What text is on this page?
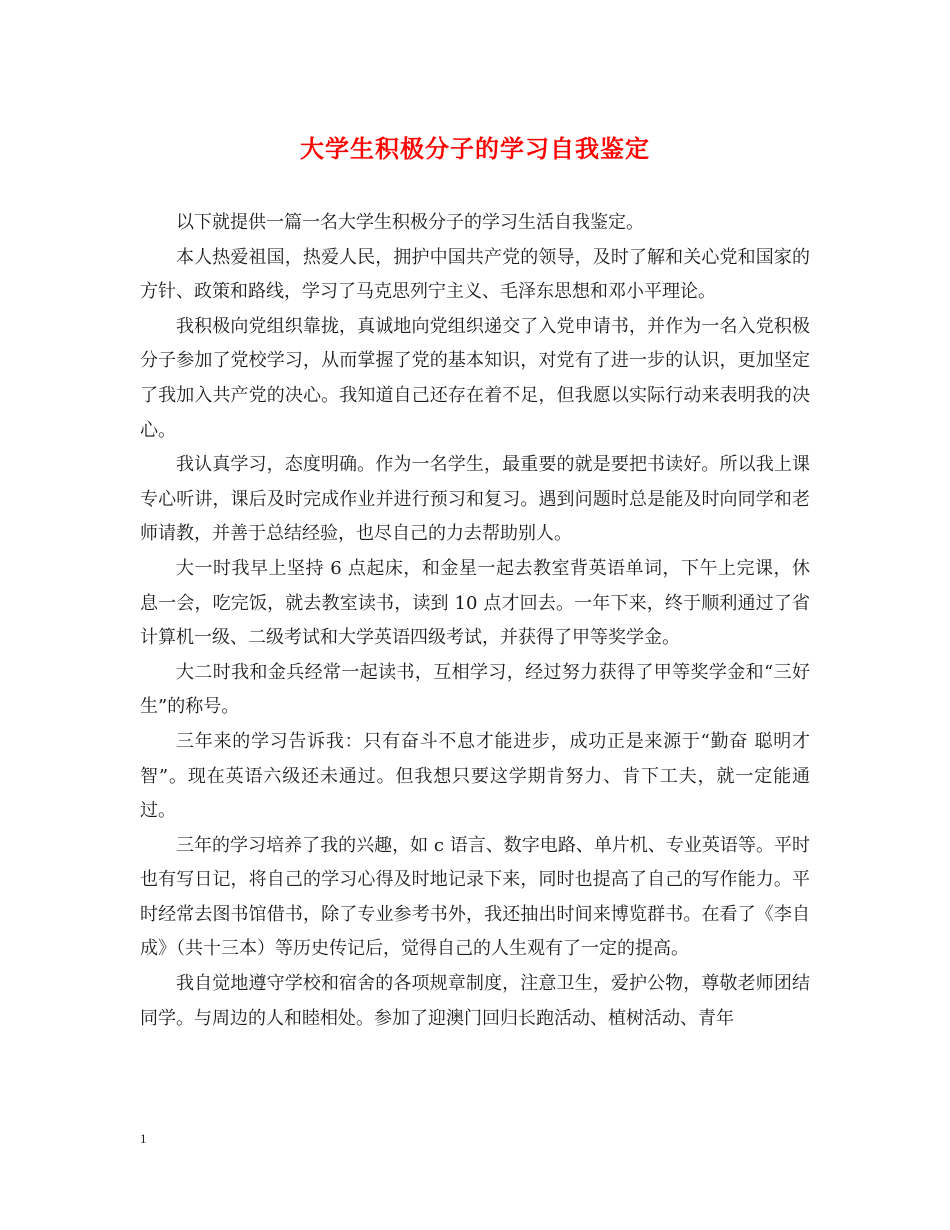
大学生积极分子的学习自我鉴定

以下就提供一篇一名大学生积极分子的学习生活自我鉴定。

本人热爱祖国，热爱人民，拥护中国共产党的领导，及时了解和关心党和国家的方针、政策和路线，学习了马克思列宁主义、毛泽东思想和邓小平理论。

我积极向党组织靠拢，真诚地向党组织递交了入党申请书，并作为一名入党积极分子参加了党校学习，从而掌握了党的基本知识，对党有了进一步的认识，更加坚定了我加入共产党的决心。我知道自己还存在着不足，但我愿以实际行动来表明我的决心。

我认真学习，态度明确。作为一名学生，最重要的就是要把书读好。所以我上课专心听讲，课后及时完成作业并进行预习和复习。遇到问题时总是能及时向同学和老师请教，并善于总结经验，也尽自己的力去帮助别人。

大一时我早上坚持 6 点起床，和金星一起去教室背英语单词，下午上完课，休息一会，吃完饭，就去教室读书，读到 10 点才回去。一年下来，终于顺利通过了省计算机一级、二级考试和大学英语四级考试，并获得了甲等奖学金。

大二时我和金兵经常一起读书，互相学习，经过努力获得了甲等奖学金和“三好生”的称号。

三年来的学习告诉我：只有奋斗不息才能进步，成功正是来源于“勤奋 聪明才智”。现在英语六级还未通过。但我想只要这学期肯努力、肯下工夫，就一定能通过。

三年的学习培养了我的兴趣，如 c 语言、数字电路、单片机、专业英语等。平时也有写日记，将自己的学习心得及时地记录下来，同时也提高了自己的写作能力。平时经常去图书馆借书，除了专业参考书外，我还抽出时间来博览群书。在看了《李自成》（共十三本）等历史传记后，觉得自己的人生观有了一定的提高。

我自觉地遵守学校和宿舍的各项规章制度，注意卫生，爱护公物，尊敬老师团结同学。与周边的人和睦相处。参加了迎澳门回归长跑活动、植树活动、青年

1
